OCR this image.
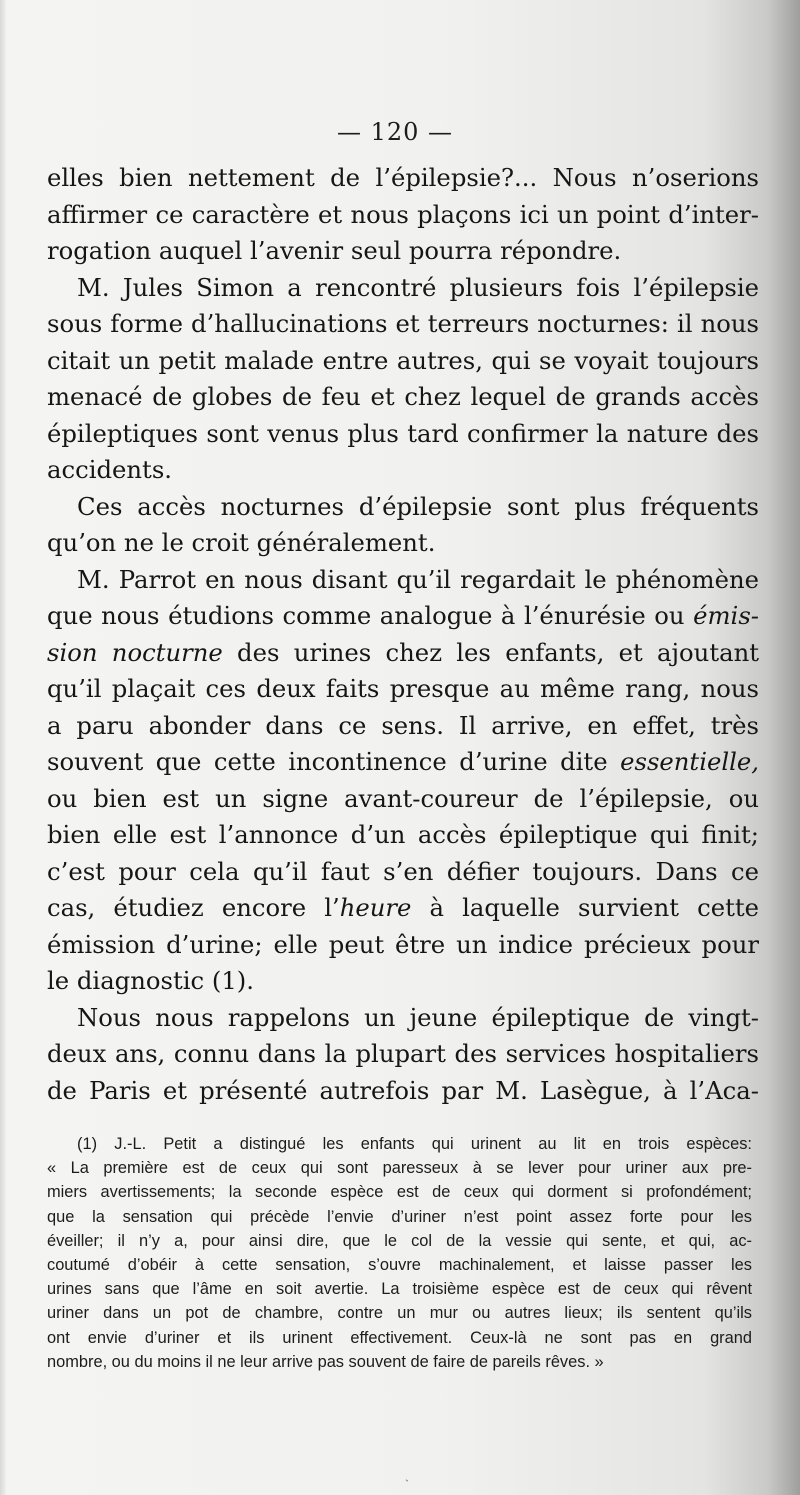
— 120 —
elles bien nettement de l’épilepsie?... Nous n’oserions
affirmer ce caractère et nous plaçons ici un point d’inter-
rogation auquel l’avenir seul pourra répondre.
M. Jules Simon a rencontré plusieurs fois l’épilepsie
sous forme d’hallucinations et terreurs nocturnes: il nous
citait un petit malade entre autres, qui se voyait toujours
menacé de globes de feu et chez lequel de grands accès
épileptiques sont venus plus tard confirmer la nature des
accidents.
Ces accès nocturnes d’épilepsie sont plus fréquents
qu’on ne le croit généralement.
M. Parrot en nous disant qu’il regardait le phénomène
que nous étudions comme analogue à l’énurésie ou émis-
sion nocturne des urines chez les enfants, et ajoutant
qu’il plaçait ces deux faits presque au même rang, nous
a paru abonder dans ce sens. Il arrive, en effet, très
souvent que cette incontinence d’urine dite essentielle,
ou bien est un signe avant-coureur de l’épilepsie, ou
bien elle est l’annonce d’un accès épileptique qui finit;
c’est pour cela qu’il faut s’en défier toujours. Dans ce
cas, étudiez encore l’heure à laquelle survient cette
émission d’urine; elle peut être un indice précieux pour
le diagnostic (1).
Nous nous rappelons un jeune épileptique de vingt-
deux ans, connu dans la plupart des services hospitaliers
de Paris et présenté autrefois par M. Lasègue, à l’Aca-
(1) J.-L. Petit a distingué les enfants qui urinent au lit en trois espèces:
« La première est de ceux qui sont paresseux à se lever pour uriner aux pre-
miers avertissements; la seconde espèce est de ceux qui dorment si profondément;
que la sensation qui précède l’envie d’uriner n’est point assez forte pour les
éveiller; il n’y a, pour ainsi dire, que le col de la vessie qui sente, et qui, ac-
coutumé d’obéir à cette sensation, s’ouvre machinalement, et laisse passer les
urines sans que l’âme en soit avertie. La troisième espèce est de ceux qui rêvent
uriner dans un pot de chambre, contre un mur ou autres lieux; ils sentent qu’ils
ont envie d’uriner et ils urinent effectivement. Ceux-là ne sont pas en grand
nombre, ou du moins il ne leur arrive pas souvent de faire de pareils rêves. »
ˎ
